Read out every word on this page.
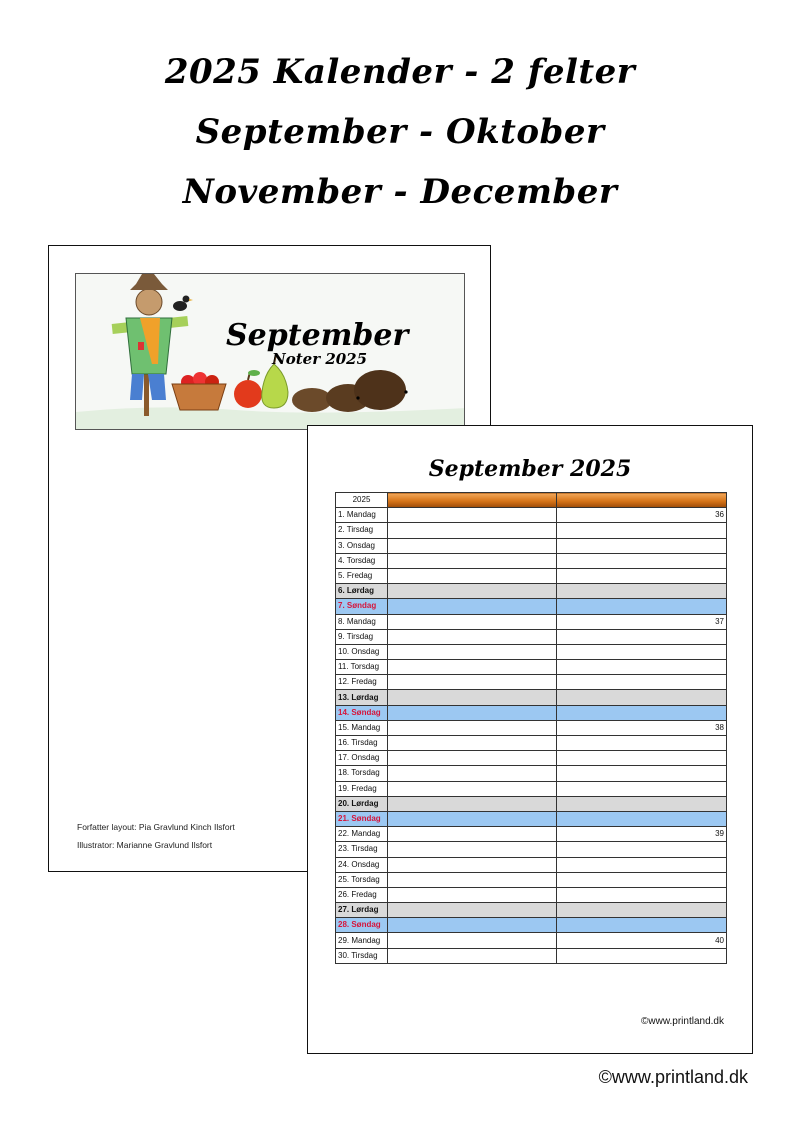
2025 Kalender - 2 felter
September - Oktober
November - December
September
Noter 2025
Forfatter layout: Pia Gravlund Kinch Ilsfort
Illustrator: Marianne Gravlund Ilsfort
September 2025
2025		
1. Mandag		36
2. Tirsdag		
3. Onsdag		
4. Torsdag		
5. Fredag		
6. Lørdag		
7. Søndag		
8. Mandag		37
9. Tirsdag		
10. Onsdag		
11. Torsdag		
12. Fredag		
13. Lørdag		
14. Søndag		
15. Mandag		38
16. Tirsdag		
17. Onsdag		
18. Torsdag		
19. Fredag		
20. Lørdag		
21. Søndag		
22. Mandag		39
23. Tirsdag		
24. Onsdag		
25. Torsdag		
26. Fredag		
27. Lørdag		
28. Søndag		
29. Mandag		40
30. Tirsdag		
©www.printland.dk
©www.printland.dk
